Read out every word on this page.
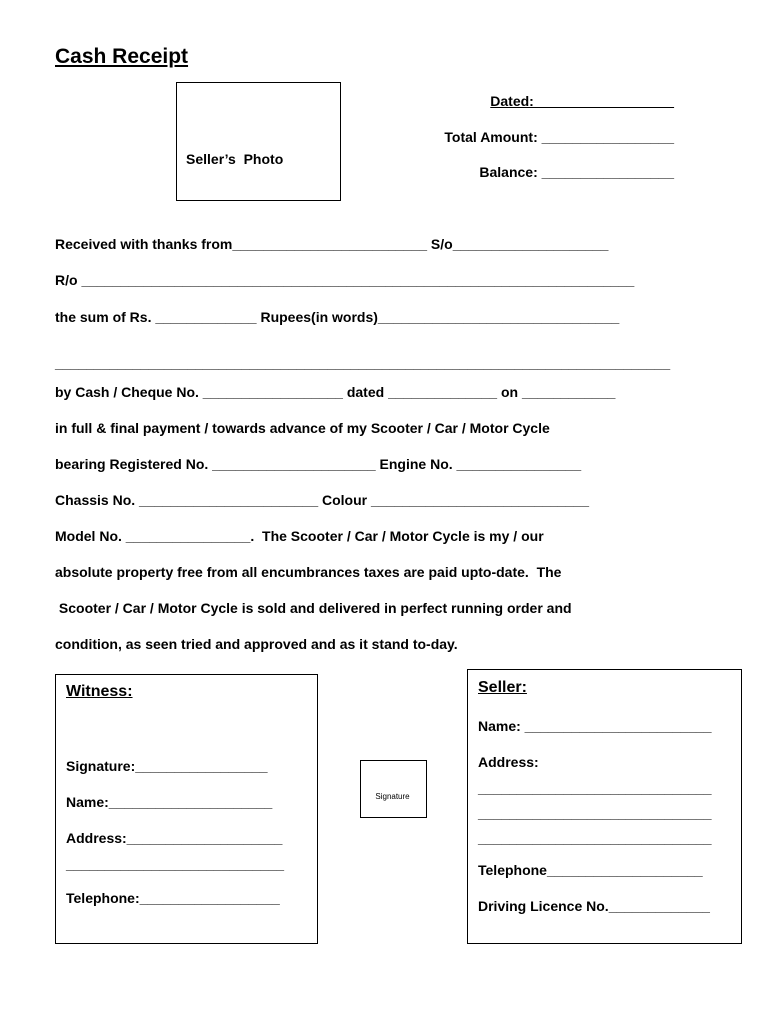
Cash Receipt
Seller’s  Photo
Dated:__________________
Total Amount: _________________
Balance: _________________
Received with thanks from_________________________ S/o____________________
R/o _______________________________________________________________________
the sum of Rs. _____________ Rupees(in words)_______________________________
_______________________________________________________________________________
by Cash / Cheque No. __________________ dated ______________ on ____________
in full & final payment / towards advance of my Scooter / Car / Motor Cycle
bearing Registered No. _____________________ Engine No. ________________
Chassis No. _______________________ Colour ____________________________
Model No. ________________.  The Scooter / Car / Motor Cycle is my / our
absolute property free from all encumbrances taxes are paid upto-date.  The
Scooter / Car / Motor Cycle is sold and delivered in perfect running order and
condition, as seen tried and approved and as it stand to-day.
Witness:
Signature:_________________
Name:_____________________
Address:____________________
____________________________
Telephone:__________________
Signature
Seller:
Name: ________________________
Address:
______________________________
______________________________
______________________________
Telephone____________________
Driving Licence No._____________
